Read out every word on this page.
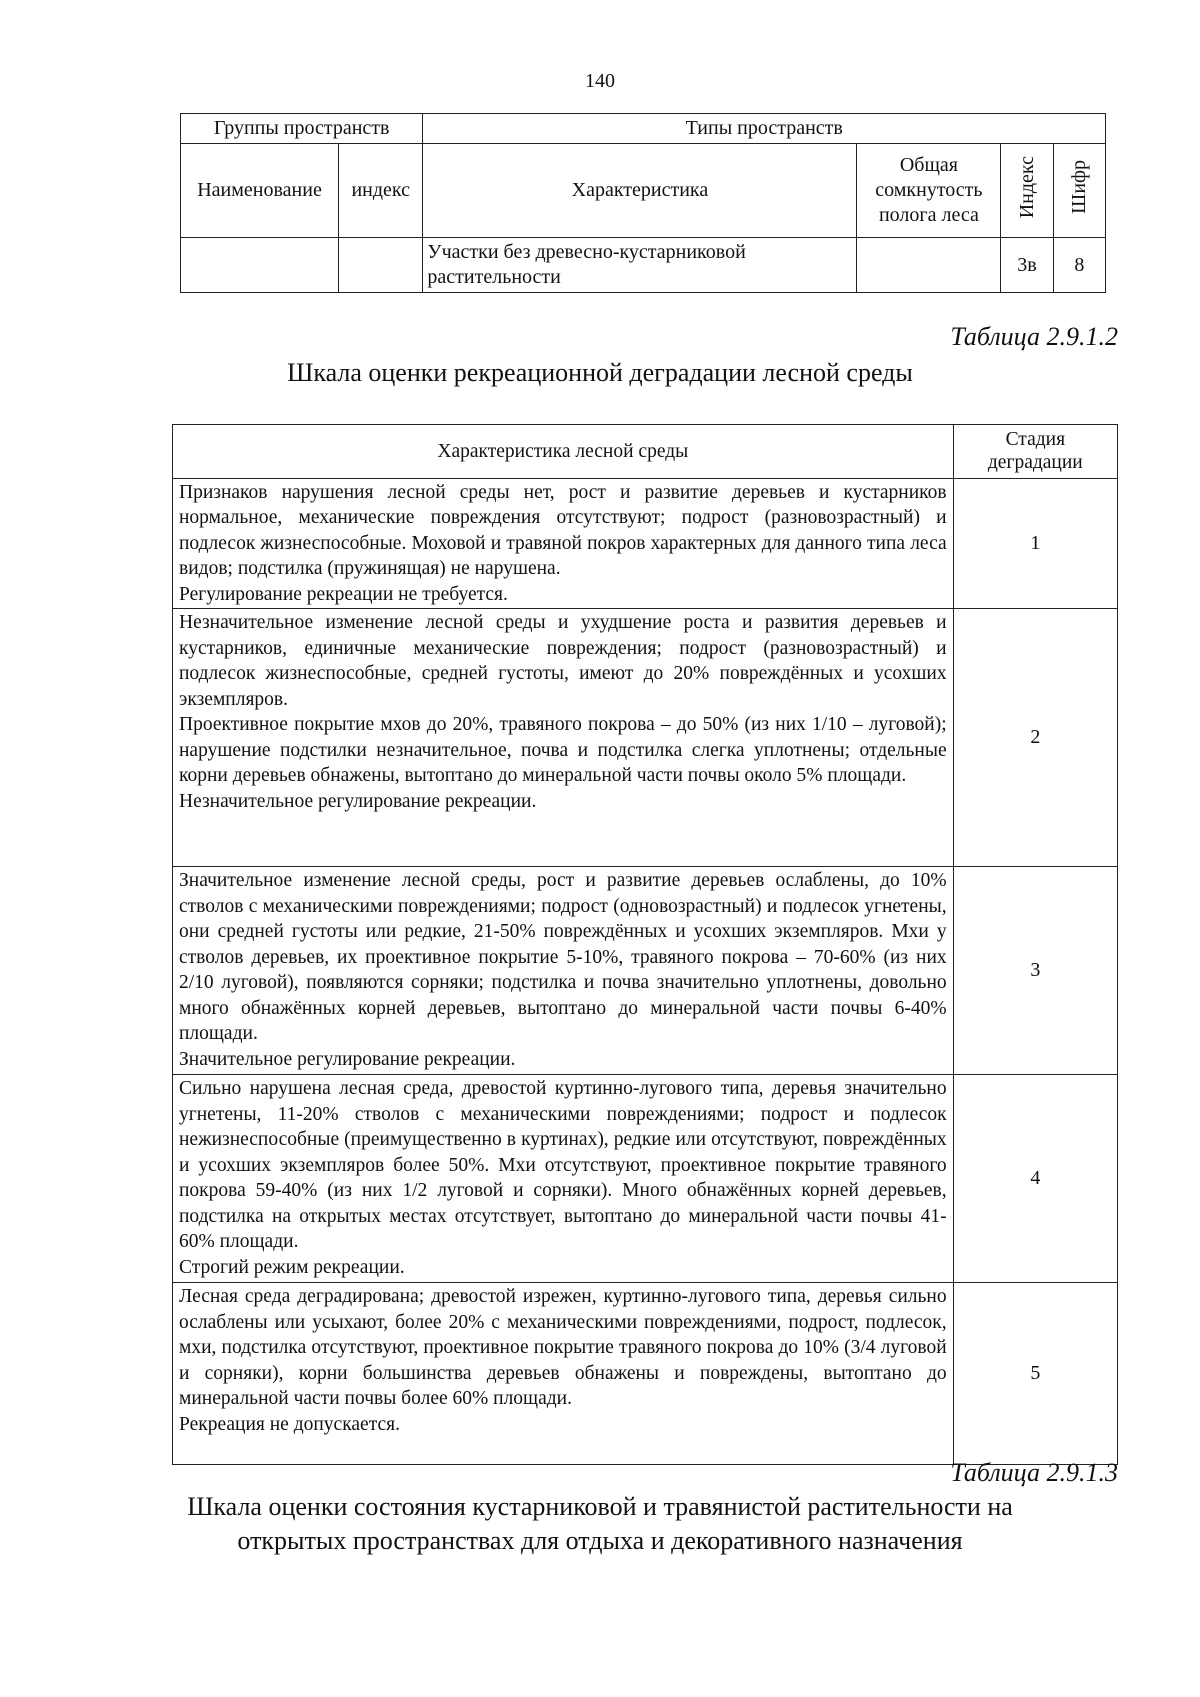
140
Группы пространств		Типы пространств			
Наименование	индекс	Характеристика	Общая сомкнутость полога леса	Индекс	Шифр
		Участки без древесно-кустарниковой растительности		3в	8
Таблица 2.9.1.2
Шкала оценки рекреационной деградации лесной среды
Характеристика лесной среды	Стадия деградации

Признаков нарушения лесной среды нет, рост и развитие деревьев и кустарников нормальное, механические повреждения отсутствуют; подрост (разновозрастный) и подлесок жизнеспособные. Моховой и травяной покров характерных для данного типа леса видов; подстилка (пружинящая) не нарушена.
Регулирование рекреации не требуется.	1

Незначительное изменение лесной среды и ухудшение роста и развития деревьев и кустарников, единичные механические повреждения; подрост (разновозрастный) и подлесок жизнеспособные, средней густоты, имеют до 20% повреждённых и усохших экземпляров.
Проективное покрытие мхов до 20%, травяного покрова – до 50% (из них 1/10 – луговой); нарушение подстилки незначительное, почва и подстилка слегка уплотнены; отдельные корни деревьев обнажены, вытоптано до минеральной части почвы около 5% площади.
Незначительное регулирование рекреации.	2

Значительное изменение лесной среды, рост и развитие деревьев ослаблены, до 10% стволов с механическими повреждениями; подрост (одновозрастный) и подлесок угнетены, они средней густоты или редкие, 21-50% повреждённых и усохших экземпляров. Мхи у стволов деревьев, их проективное покрытие 5-10%, травяного покрова – 70-60% (из них 2/10 луговой), появляются сорняки; подстилка и почва значительно уплотнены, довольно много обнажённых корней деревьев, вытоптано до минеральной части почвы 6-40% площади.
Значительное регулирование рекреации.	3

Сильно нарушена лесная среда, древостой куртинно-лугового типа, деревья значительно угнетены, 11-20% стволов с механическими повреждениями; подрост и подлесок нежизнеспособные (преимущественно в куртинах), редкие или отсутствуют, повреждённых и усохших экземпляров более 50%. Мхи отсутствуют, проективное покрытие травяного покрова 59-40% (из них 1/2 луговой и сорняки). Много обнажённых корней деревьев, подстилка на открытых местах отсутствует, вытоптано до минеральной части почвы 41-60% площади.
Строгий режим рекреации.	4

Лесная среда деградирована; древостой изрежен, куртинно-лугового типа, деревья сильно ослаблены или усыхают, более 20% с механическими повреждениями, подрост, подлесок, мхи, подстилка отсутствуют, проективное покрытие травяного покрова до 10% (3/4 луговой и сорняки), корни большинства деревьев обнажены и повреждены, вытоптано до минеральной части почвы более 60% площади.
Рекреация не допускается.	5
Таблица 2.9.1.3
Шкала оценки состояния кустарниковой и травянистой растительности на
открытых пространствах для отдыха и декоративного назначения
